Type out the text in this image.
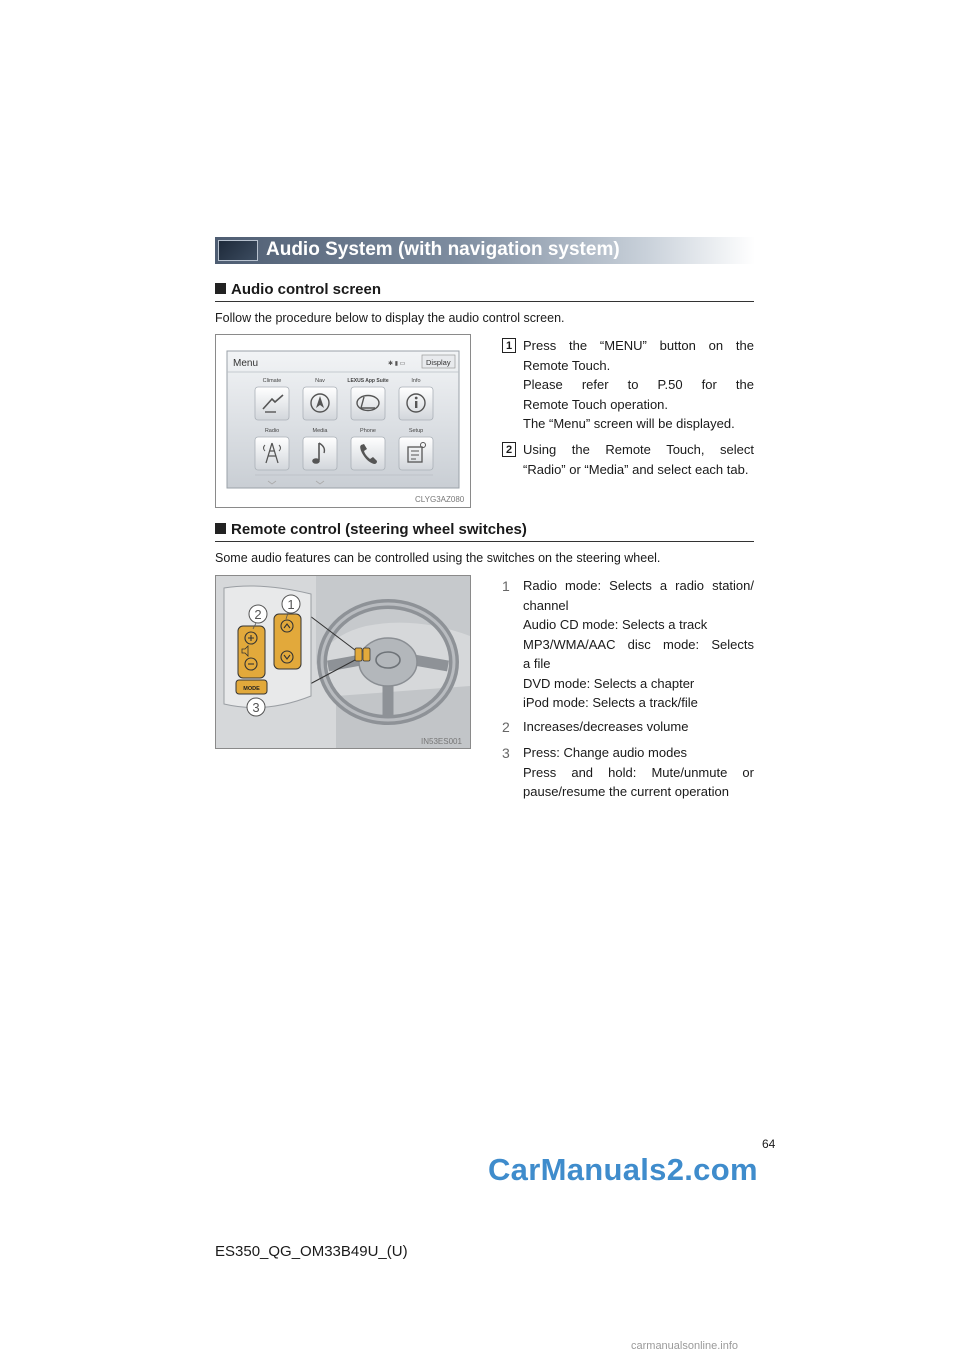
Audio System (with navigation system)
Audio control screen
Follow the procedure below to display the audio control screen.
Menu	✱ ▮ ▭	Display
Climate	Nav	LEXUS App Suite	Info
Radio	Media	Phone	Setup
CLYG3AZ080
1 Press the “MENU” button on the
Remote Touch.
Please refer to P.50 for the
Remote Touch operation.
The “Menu” screen will be displayed.
2 Using the Remote Touch, select
“Radio” or “Media” and select each tab.
Remote control (steering wheel switches)
Some audio features can be controlled using the switches on the steering wheel.
MODE
1
2
3
IN53ES001
1	Radio mode: Selects a radio station/
channel
Audio CD mode: Selects a track
MP3/WMA/AAC disc mode: Selects
a file
DVD mode: Selects a chapter
iPod mode: Selects a track/file
2	Increases/decreases volume
3	Press: Change audio modes
Press and hold: Mute/unmute or
pause/resume the current operation
64
CarManuals2.com
ES350_QG_OM33B49U_(U)
carmanualsonline.info
